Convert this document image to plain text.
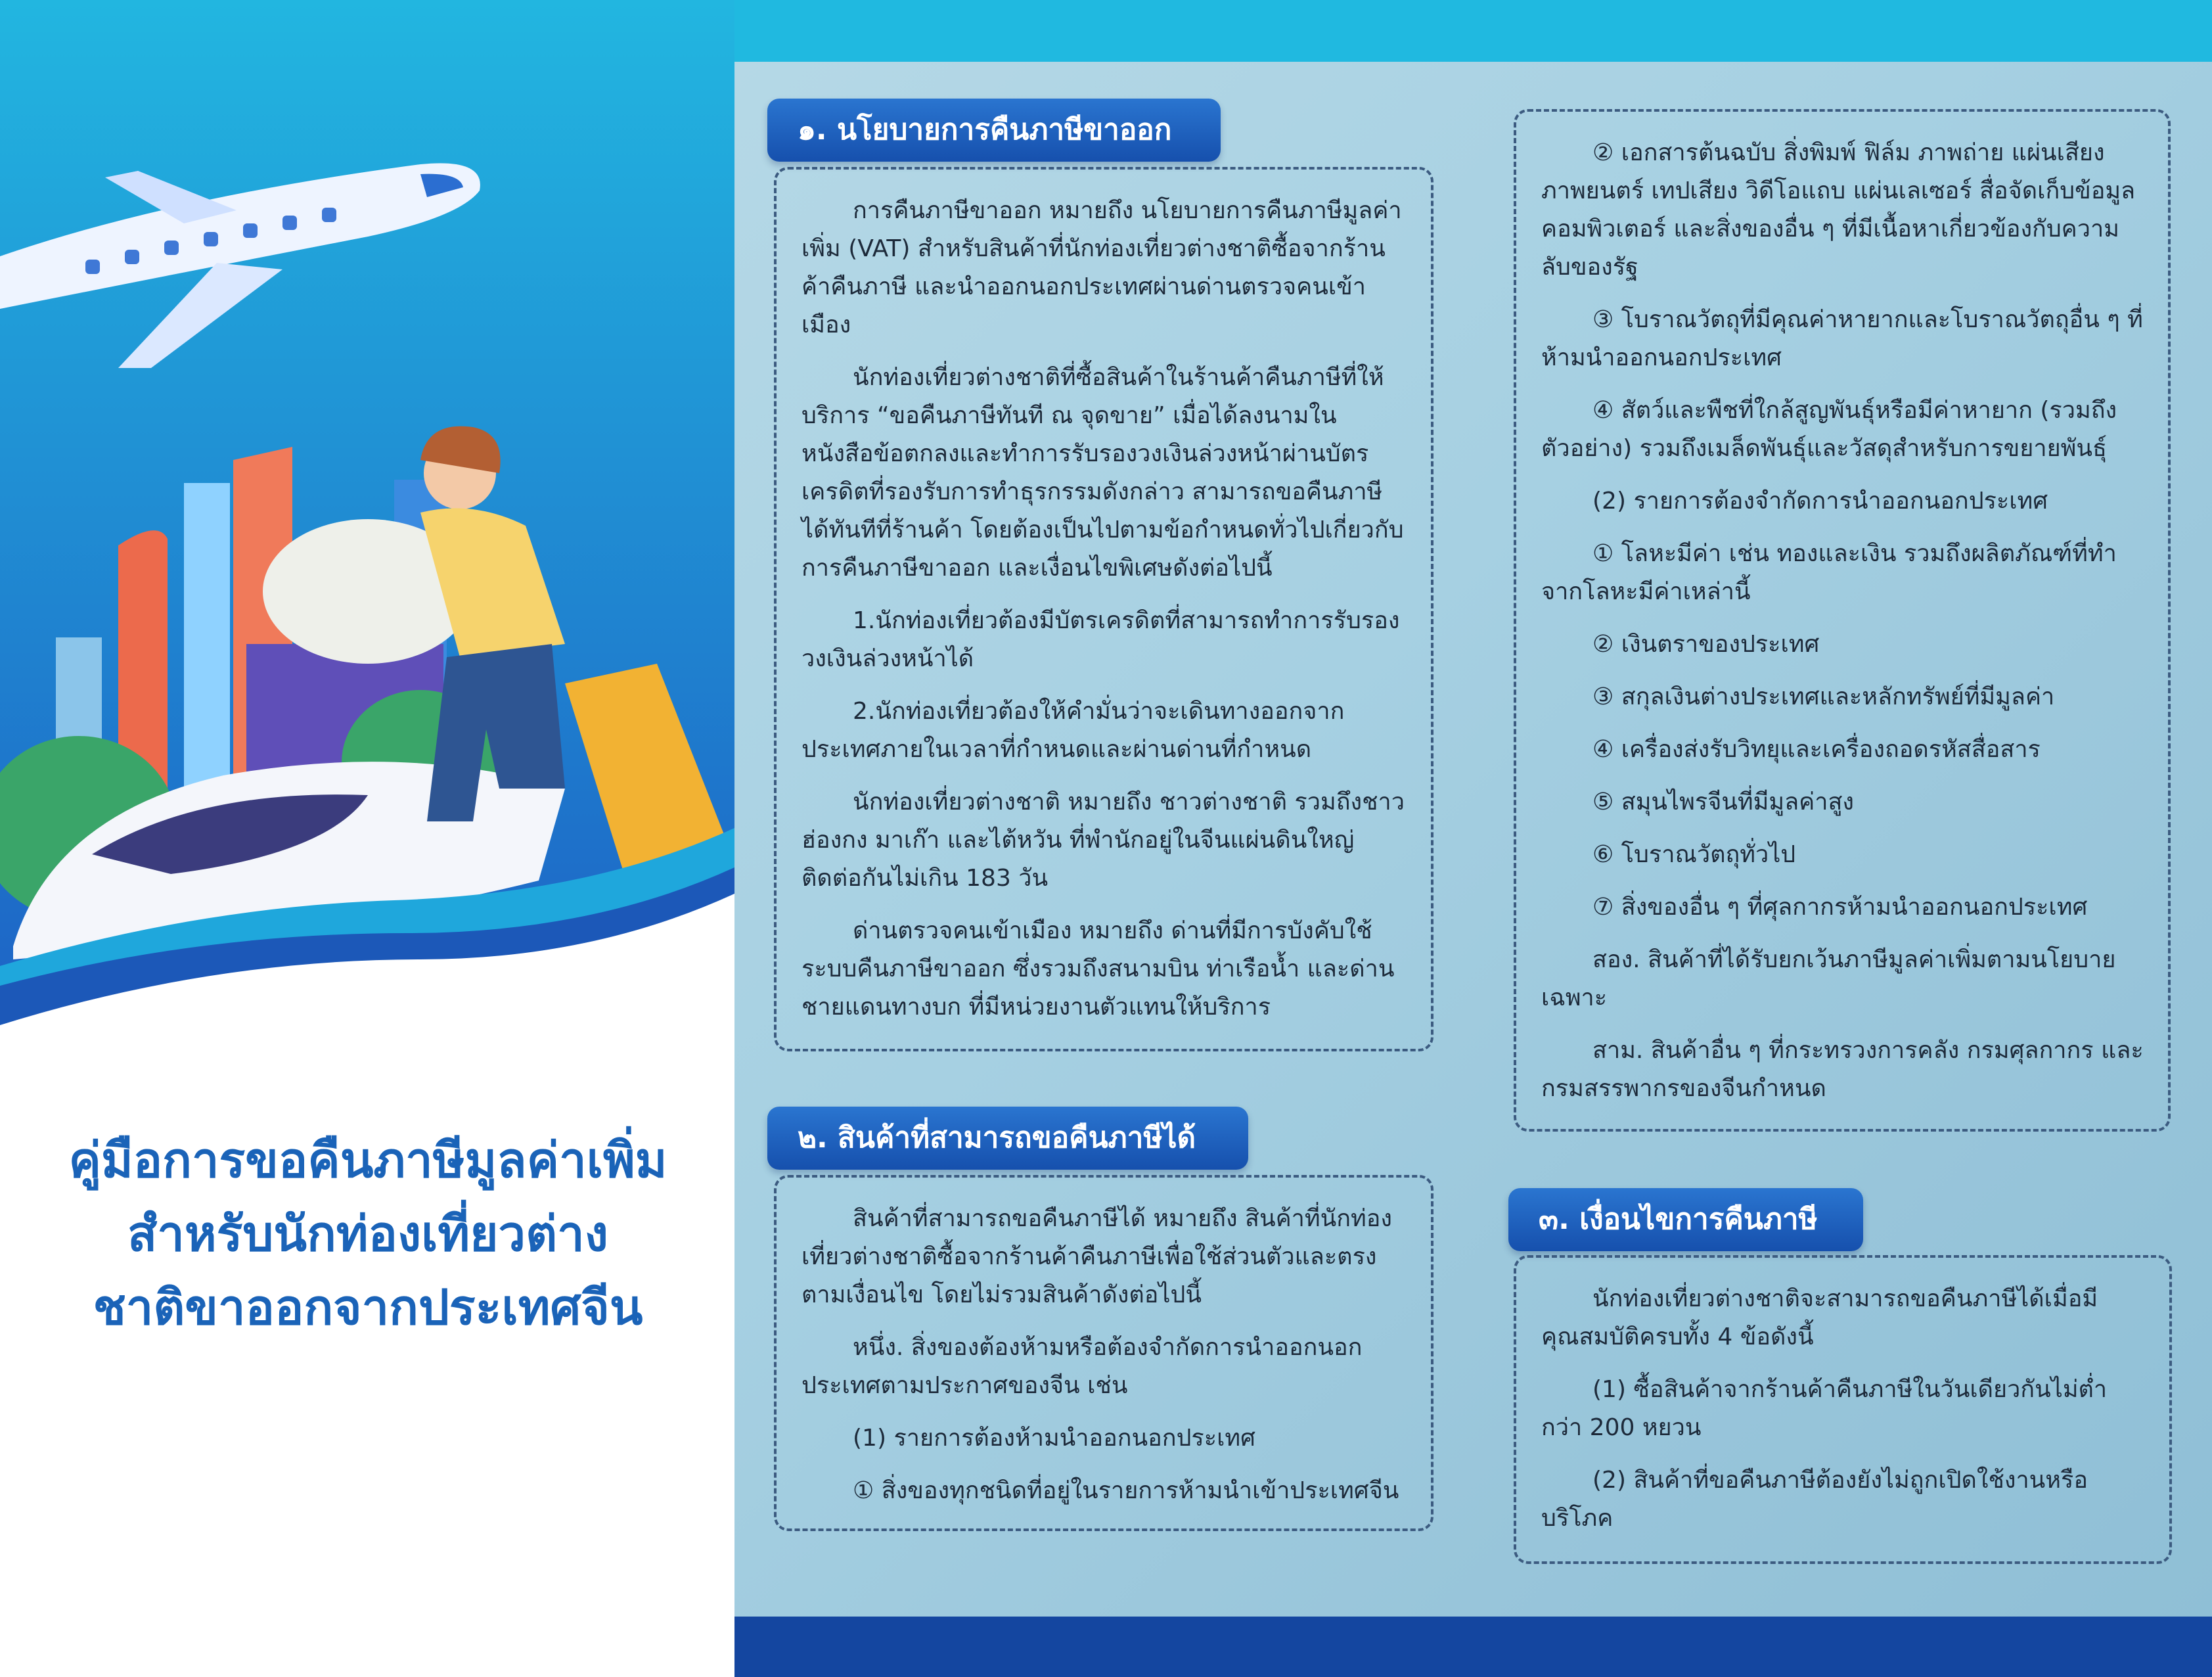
คู่มือการขอคืนภาษีมูลค่าเพิ่ม
สำหรับนักท่องเที่ยวต่าง
ชาติขาออกจากประเทศจีน
๑. นโยบายการคืนภาษีขาออก

การคืนภาษีขาออก หมายถึง นโยบายการคืนภาษีมูลค่าเพิ่ม (VAT) สำหรับสินค้าที่นักท่องเที่ยวต่างชาติซื้อจากร้านค้าคืนภาษี และนำออกนอกประเทศผ่านด่านตรวจคนเข้าเมือง

นักท่องเที่ยวต่างชาติที่ซื้อสินค้าในร้านค้าคืนภาษีที่ให้บริการ “ขอคืนภาษีทันที ณ จุดขาย” เมื่อได้ลงนามในหนังสือข้อตกลงและทำการรับรองวงเงินล่วงหน้าผ่านบัตรเครดิตที่รองรับการทำธุรกรรมดังกล่าว สามารถขอคืนภาษีได้ทันทีที่ร้านค้า โดยต้องเป็นไปตามข้อกำหนดทั่วไปเกี่ยวกับการคืนภาษีขาออก และเงื่อนไขพิเศษดังต่อไปนี้

1.นักท่องเที่ยวต้องมีบัตรเครดิตที่สามารถทำการรับรองวงเงินล่วงหน้าได้

2.นักท่องเที่ยวต้องให้คำมั่นว่าจะเดินทางออกจากประเทศภายในเวลาที่กำหนดและผ่านด่านที่กำหนด

นักท่องเที่ยวต่างชาติ หมายถึง ชาวต่างชาติ รวมถึงชาวฮ่องกง มาเก๊า และไต้หวัน ที่พำนักอยู่ในจีนแผ่นดินใหญ่ติดต่อกันไม่เกิน 183 วัน

ด่านตรวจคนเข้าเมือง หมายถึง ด่านที่มีการบังคับใช้ระบบคืนภาษีขาออก ซึ่งรวมถึงสนามบิน ท่าเรือน้ำ และด่านชายแดนทางบก ที่มีหน่วยงานตัวแทนให้บริการ

๒. สินค้าที่สามารถขอคืนภาษีได้

สินค้าที่สามารถขอคืนภาษีได้ หมายถึง สินค้าที่นักท่องเที่ยวต่างชาติซื้อจากร้านค้าคืนภาษีเพื่อใช้ส่วนตัวและตรงตามเงื่อนไข โดยไม่รวมสินค้าดังต่อไปนี้

หนึ่ง. สิ่งของต้องห้ามหรือต้องจำกัดการนำออกนอกประเทศตามประกาศของจีน เช่น

(1) รายการต้องห้ามนำออกนอกประเทศ

① สิ่งของทุกชนิดที่อยู่ในรายการห้ามนำเข้าประเทศจีน

② เอกสารต้นฉบับ สิ่งพิมพ์ ฟิล์ม ภาพถ่าย แผ่นเสียงภาพยนตร์ เทปเสียง วิดีโอแถบ แผ่นเลเซอร์ สื่อจัดเก็บข้อมูลคอมพิวเตอร์ และสิ่งของอื่น ๆ ที่มีเนื้อหาเกี่ยวข้องกับความลับของรัฐ

③ โบราณวัตถุที่มีคุณค่าหายากและโบราณวัตถุอื่น ๆ ที่ห้ามนำออกนอกประเทศ

④ สัตว์และพืชที่ใกล้สูญพันธุ์หรือมีค่าหายาก (รวมถึงตัวอย่าง) รวมถึงเมล็ดพันธุ์และวัสดุสำหรับการขยายพันธุ์

(2) รายการต้องจำกัดการนำออกนอกประเทศ

① โลหะมีค่า เช่น ทองและเงิน รวมถึงผลิตภัณฑ์ที่ทำจากโลหะมีค่าเหล่านี้

② เงินตราของประเทศ

③ สกุลเงินต่างประเทศและหลักทรัพย์ที่มีมูลค่า

④ เครื่องส่งรับวิทยุและเครื่องถอดรหัสสื่อสาร

⑤ สมุนไพรจีนที่มีมูลค่าสูง

⑥ โบราณวัตถุทั่วไป

⑦ สิ่งของอื่น ๆ ที่ศุลกากรห้ามนำออกนอกประเทศ

สอง. สินค้าที่ได้รับยกเว้นภาษีมูลค่าเพิ่มตามนโยบายเฉพาะ

สาม. สินค้าอื่น ๆ ที่กระทรวงการคลัง กรมศุลกากร และกรมสรรพากรของจีนกำหนด

๓. เงื่อนไขการคืนภาษี

นักท่องเที่ยวต่างชาติจะสามารถขอคืนภาษีได้เมื่อมีคุณสมบัติครบทั้ง 4 ข้อดังนี้

(1) ซื้อสินค้าจากร้านค้าคืนภาษีในวันเดียวกันไม่ต่ำกว่า 200 หยวน

(2) สินค้าที่ขอคืนภาษีต้องยังไม่ถูกเปิดใช้งานหรือบริโภค
